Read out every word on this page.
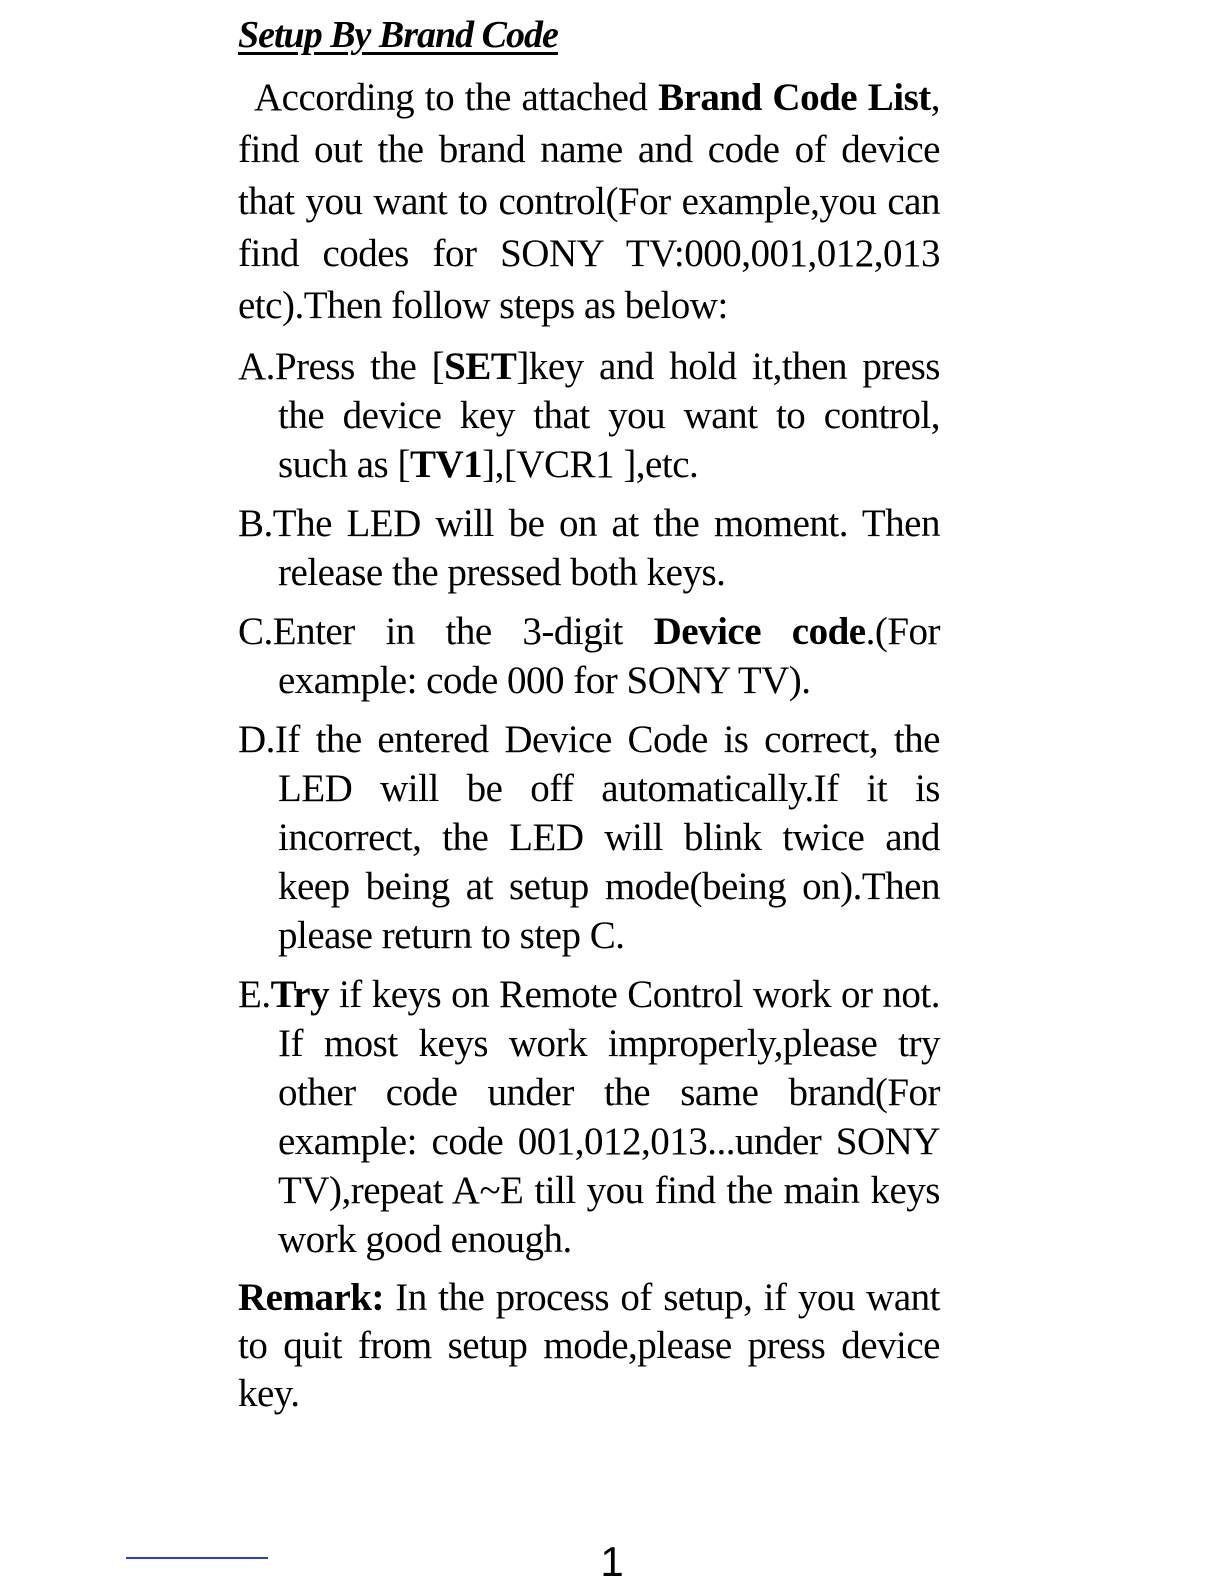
Setup By Brand Code

According to the attached Brand Code List, find out the brand name and code of device that you want to control(For example,you can find codes for SONY TV:000,001,012,013 etc).Then follow steps as below:

A.Press the [SET]key and hold it,then press the device key that you want to control, such as [TV1],[VCR1 ],etc.
B.The LED will be on at the moment. Then release the pressed both keys.
C.Enter in the 3-digit Device code.(For example: code 000 for SONY TV).
D.If the entered Device Code is correct, the LED will be off automatically.If it is incorrect, the LED will blink twice and keep being at setup mode(being on).Then please return to step C.
E.Try if keys on Remote Control work or not. If most keys work improperly,please try other code under the same brand(For example: code 001,012,013...under SONY TV),repeat A~E till you find the main keys work good enough.

Remark: In the process of setup, if you want to quit from setup mode,please press device key.

1
